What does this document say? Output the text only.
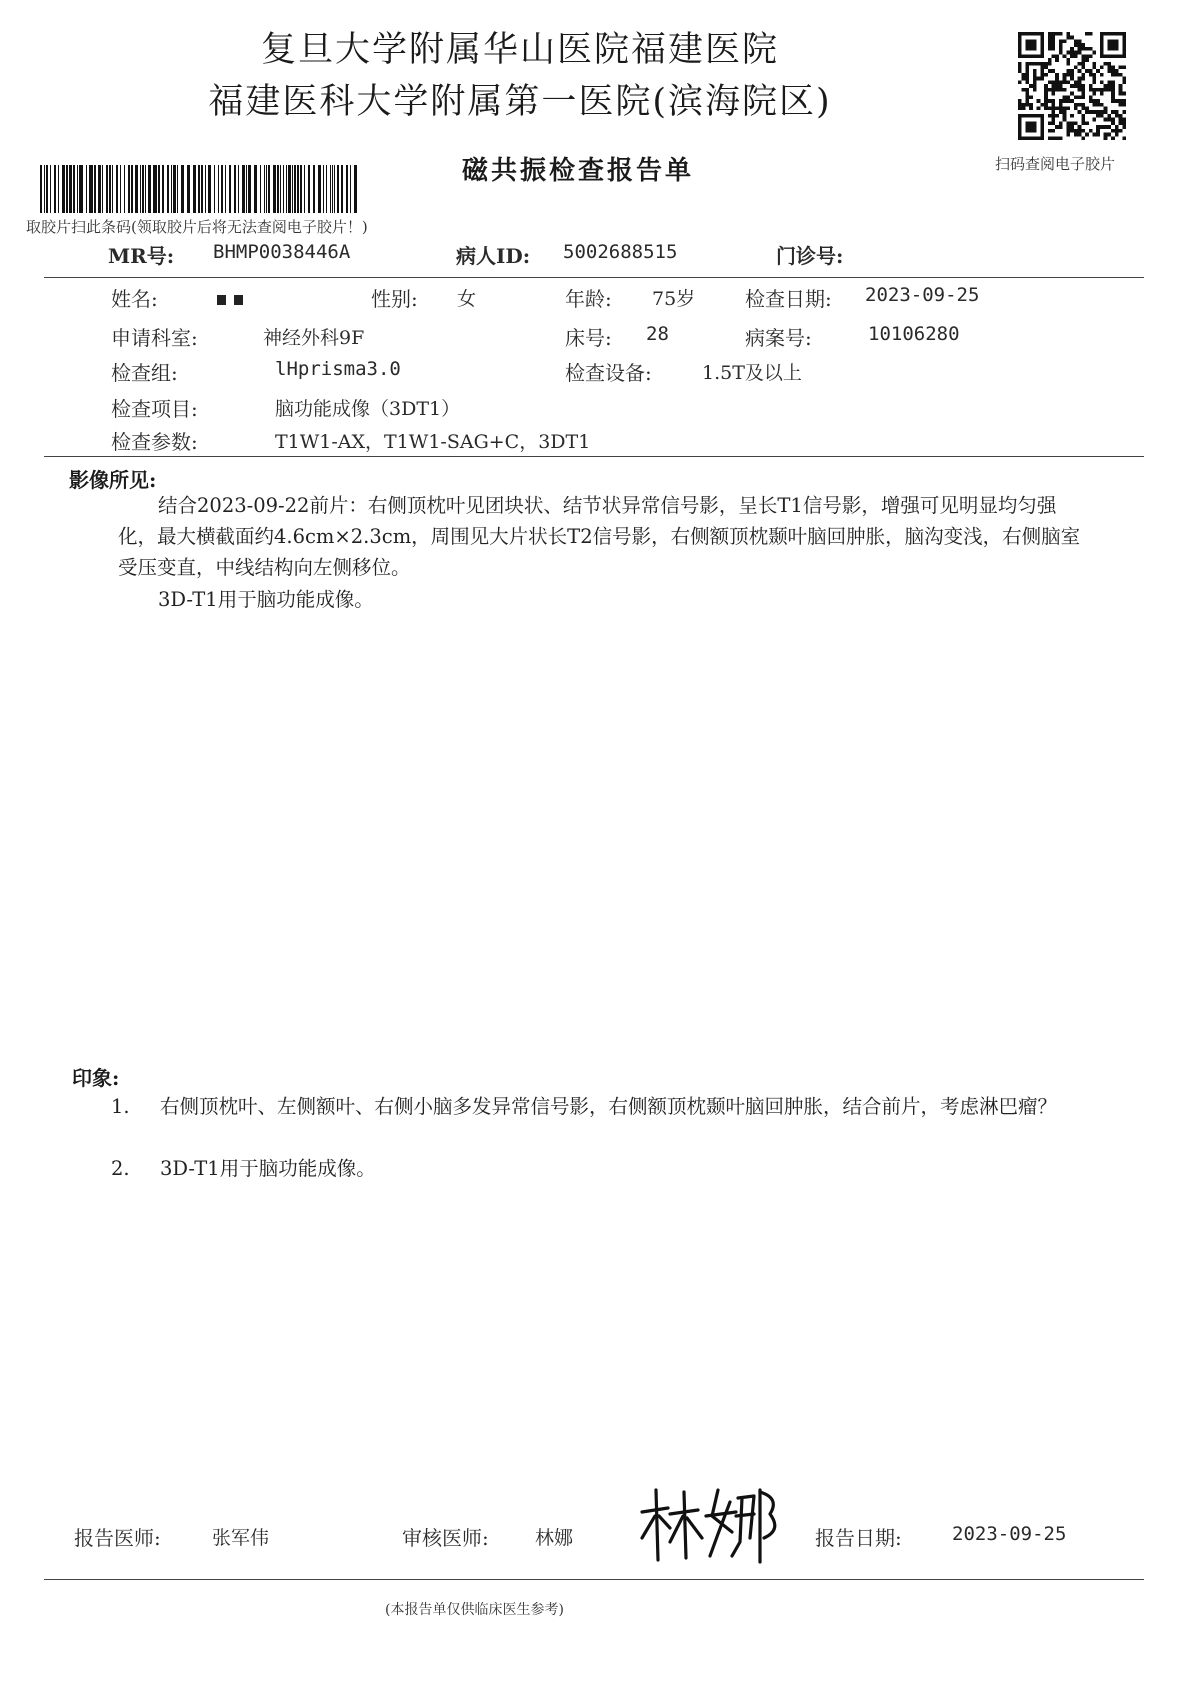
复旦大学附属华山医院福建医院
福建医科大学附属第一医院(滨海院区)
磁共振检查报告单
取胶片扫此条码(领取胶片后将无法查阅电子胶片！)
扫码查阅电子胶片
MR号: BHMP0038446A	病人ID: 5002688515	门诊号:
姓名:	性别: 女	年龄: 75岁 检查日期: 2023-09-25
申请科室:	神经外科9F	床号: 28	病案号:	10106280
检查组:	lHprisma3.0	检查设备:	1.5T及以上
检查项目:	脑功能成像（3DT1）
检查参数:	T1W1-AX，T1W1-SAG+C，3DT1
影像所见:
结合2023-09-22前片：右侧顶枕叶见团块状、结节状异常信号影，呈长T1信号影，增强可见明显均匀强化，最大横截面约4.6cm×2.3cm，周围见大片状长T2信号影，右侧额顶枕颞叶脑回肿胀，脑沟变浅，右侧脑室受压变直，中线结构向左侧移位。
3D-T1用于脑功能成像。
印象:
1. 右侧顶枕叶、左侧额叶、右侧小脑多发异常信号影，右侧额顶枕颞叶脑回肿胀，结合前片，考虑淋巴瘤？
2. 3D-T1用于脑功能成像。
报告医师:	张军伟	审核医师: 林娜	报告日期:	2023-09-25
(本报告单仅供临床医生参考)
